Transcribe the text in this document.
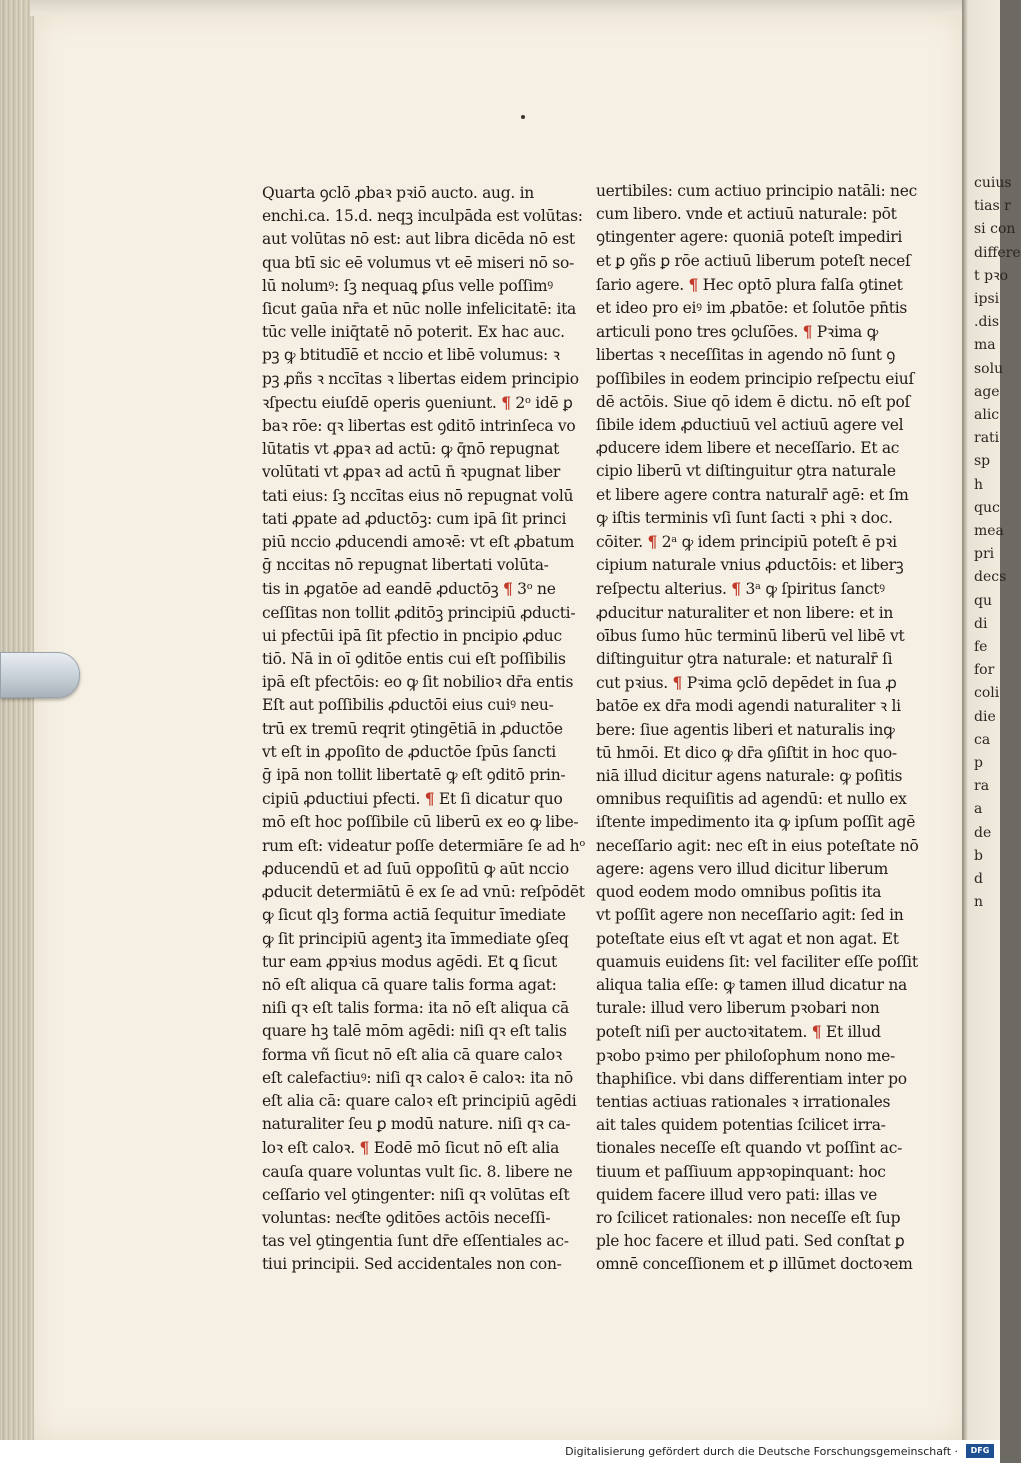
cuius
tias r
si con
differe
t pꝛo
ipsi
.dis
ma
solu
age
alic
rati
sp
h
quc
mea
pri
decs
qu
di
fe
for
coli
die
ca
p
ra
a
de
b
d
n
Quarta ꝯclō ꝓbaꝛ pꝛiō aucto. aug. in
enchi.ca. 15.d. neqꝫ inculpāda est volūtas:
aut volūtas nō est: aut libra dicēda nō est
qua btī sic eē volumus vt eē miseri nō so-
lū nolumꝰ: ſꝫ nequaꝗ ꝑſus velle poſſimꝰ
ſicut gaūa nr̄a et nūc nolle infelicitatē: ita
tūc velle iniq̄tatē nō poterit. Ex hac auc.
pꝫ ꝙ btitudīē et nccio et libē volumus: ꝛ
pꝫ ꝓñs ꝛ nccītas ꝛ libertas eidem principio
ꝛſpectu eiuſdē operis ꝯueniunt. ¶ 2ᵒ idē ꝑ
baꝛ rōe: qꝛ libertas est ꝯditō intrinſeca vo
lūtatis vt ꝓpaꝛ ad actū: ꝙ q̄nō repugnat
volūtati vt ꝓpaꝛ ad actū n̄ ꝛpugnat liber
tati eius: ſꝫ nccītas eius nō repugnat volū
tati ꝓpate ad ꝓductōꝫ: cum ipā ſit princi
piū nccio ꝓducendi amoꝛē: vt eſt ꝓbatum
ḡ nccitas nō repugnat libertati volūta-
tis in ꝓgatōe ad eandē ꝓductōꝫ ¶ 3ᵒ ne
ceſſitas non tollit ꝓditōꝫ principiū ꝓducti-
ui pfectūi ipā ſit pfectio in pncipio ꝓduc
tiō. Nā in oī ꝯditōe entis cui eſt poſſibilis
ipā eſt pfectōis: eo ꝙ ſit nobilioꝛ dr̄a entis
Eſt aut poſſibilis ꝓductōi eius cuiꝰ neu-
trū ex tremū reqrit ꝯtingētiā in ꝓductōe
vt eſt in ꝓpoſito de ꝓductōe ſpūs ſancti
ḡ ipā non tollit libertatē ꝙ eſt ꝯditō prin-
cipiū ꝓductiui pfecti. ¶ Et ſi dicatur quo
mō eſt hoc poſſibile cū liberū ex eo ꝙ libe-
rum eſt: videatur poſſe determiāre ſe ad hᵒ
ꝓducendū et ad ſuū oppoſitū ꝙ aūt nccio
ꝓducit determiātū ē ex ſe ad vnū: reſpōdēt
ꝙ ſicut qlꝫ forma actiā ſequitur īmediate
ꝙ ſit principiū agentꝫ ita īmmediate ꝯſeq
tur eam ꝓpꝛius modus agēdi. Et ꝗ ſicut
nō eſt aliqua cā quare talis forma agat:
niſi qꝛ eſt talis forma: ita nō eſt aliqua cā
quare hꝫ talē mōm agēdi: niſi qꝛ eſt talis
forma vñ ſicut nō eſt alia cā quare caloꝛ
eſt calefactiuꝰ: niſi qꝛ caloꝛ ē caloꝛ: ita nō
eſt alia cā: quare caloꝛ eſt principiū agēdi
naturaliter ſeu ꝑ modū nature. niſi qꝛ ca-
loꝛ eſt caloꝛ. ¶ Eodē mō ſicut nō eſt alia
cauſa quare voluntas vult ſic. 8. libere ne
ceſſario vel ꝯtingenter: niſi qꝛ volūtas eſt
voluntas: necͥſte ꝯditōes actōis neceſſi-
tas vel ꝯtingentia ſunt dr̄e eſſentiales ac-
tiui principii. Sed accidentales non con-
uertibiles: cum actiuo principio natāli: nec
cum libero. vnde et actiuū naturale: pōt
ꝯtingenter agere: quoniā poteſt impediri
et ꝑ ꝯñs ꝑ rōe actiuū liberum poteſt neceſ
ſario agere. ¶ Hec optō plura falſa ꝯtinet
et ideo pro eiꝰ im ꝓbatōe: et ſolutōe pn̄tis
articuli pono tres ꝯcluſōes. ¶ Pꝛima ꝙ
libertas ꝛ neceſſitas in agendo nō ſunt ꝯ
poſſibiles in eodem principio reſpectu eiuſ
dē actōis. Siue qō idem ē dictu. nō eſt poſ
ſibile idem ꝓductiuū vel actiuū agere vel
ꝓducere idem libere et neceſſario. Et ac
cipio liberū vt diſtinguitur ꝯtra naturale
et libere agere contra naturalr̄ agē: et ſm
ꝙ iſtis terminis vſi ſunt ſacti ꝛ phi ꝛ doc.
cōiter. ¶ 2ᵃ ꝙ idem principiū poteſt ē pꝛi
cipium naturale vnius ꝓductōis: et liberꝫ
reſpectu alterius. ¶ 3ᵃ ꝙ ſpiritus ſanctꝰ
ꝓducitur naturaliter et non libere: et in
oībus ſumo hūc terminū liberū vel libē vt
diſtinguitur ꝯtra naturale: et naturalr̄ ſi
cut pꝛius. ¶ Pꝛima ꝯclō depēdet in ſua ꝓ
batōe ex dr̄a modi agendi naturaliter ꝛ li
bere: ſiue agentis liberi et naturalis inꝙ
tū hmōi. Et dico ꝙ dr̄a ꝯſiſtit in hoc quo-
niā illud dicitur agens naturale: ꝙ poſitis
omnibus requiſitis ad agendū: et nullo ex
iſtente impedimento ita ꝙ ipſum poſſit agē
neceſſario agit: nec eſt in eius poteſtate nō
agere: agens vero illud dicitur liberum
quod eodem modo omnibus poſitis ita
vt poſſit agere non neceſſario agit: ſed in
poteſtate eius eſt vt agat et non agat. Et
quamuis euidens ſit: vel faciliter eſſe poſſit
aliqua talia eſſe: ꝙ tamen illud dicatur na
turale: illud vero liberum pꝛobari non
poteſt niſi per auctoꝛitatem. ¶ Et illud
pꝛobo pꝛimo per philoſophum nono me-
thaphiſice. vbi dans differentiam inter po
tentias actiuas rationales ꝛ irrationales
ait tales quidem potentias ſcilicet irra-
tionales neceſſe eſt quando vt poſſint ac-
tiuum et paſſiuum appꝛopinquant: hoc
quidem facere illud vero pati: illas ve
ro ſcilicet rationales: non neceſſe eſt ſup
ple hoc facere et illud pati. Sed conſtat ꝑ
omnē conceſſionem et ꝑ illūmet doctoꝛem
Digitalisierung gefördert durch die Deutsche Forschungsgemeinschaft ·	DFG
